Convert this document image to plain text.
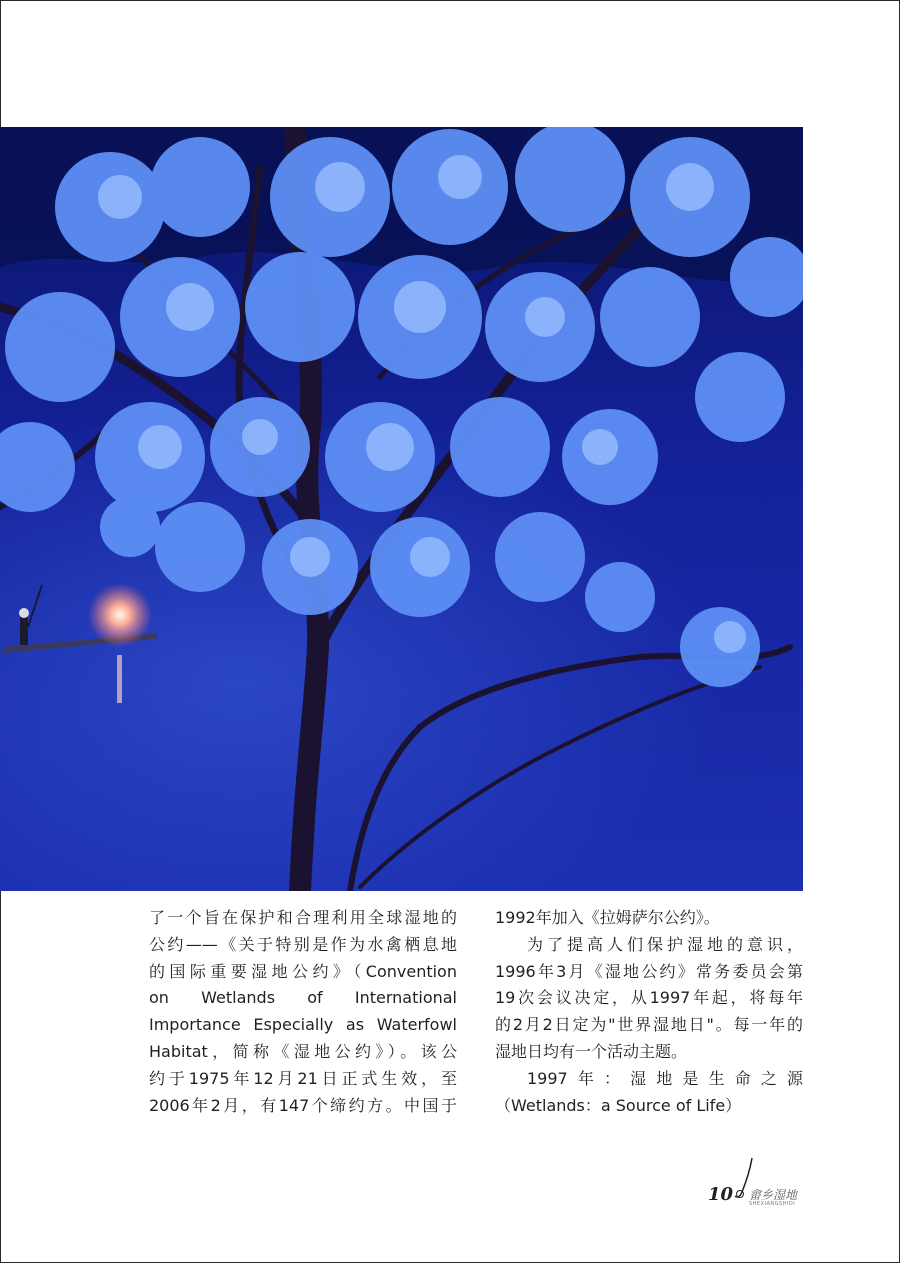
了一个旨在保护和合理利用全球湿地的

公约——《关于特别是作为水禽栖息地

的国际重要湿地公约》（Convention

on Wetlands of International

Importance Especially as Waterfowl

Habitat，简称《湿地公约》）。该公

约于1975年12月21日正式生效，至

2006年2月，有147个缔约方。中国于

1992年加入《拉姆萨尔公约》。

为了提高人们保护湿地的意识，

1996年3月《湿地公约》常务委员会第

19次会议决定，从1997年起，将每年

的2月2日定为"世界湿地日"。每一年的

湿地日均有一个活动主题。

1997年：湿地是生命之源

（Wetlands：a Source of Life）

10 畲乡湿地
SHEXIANGSHIDI
